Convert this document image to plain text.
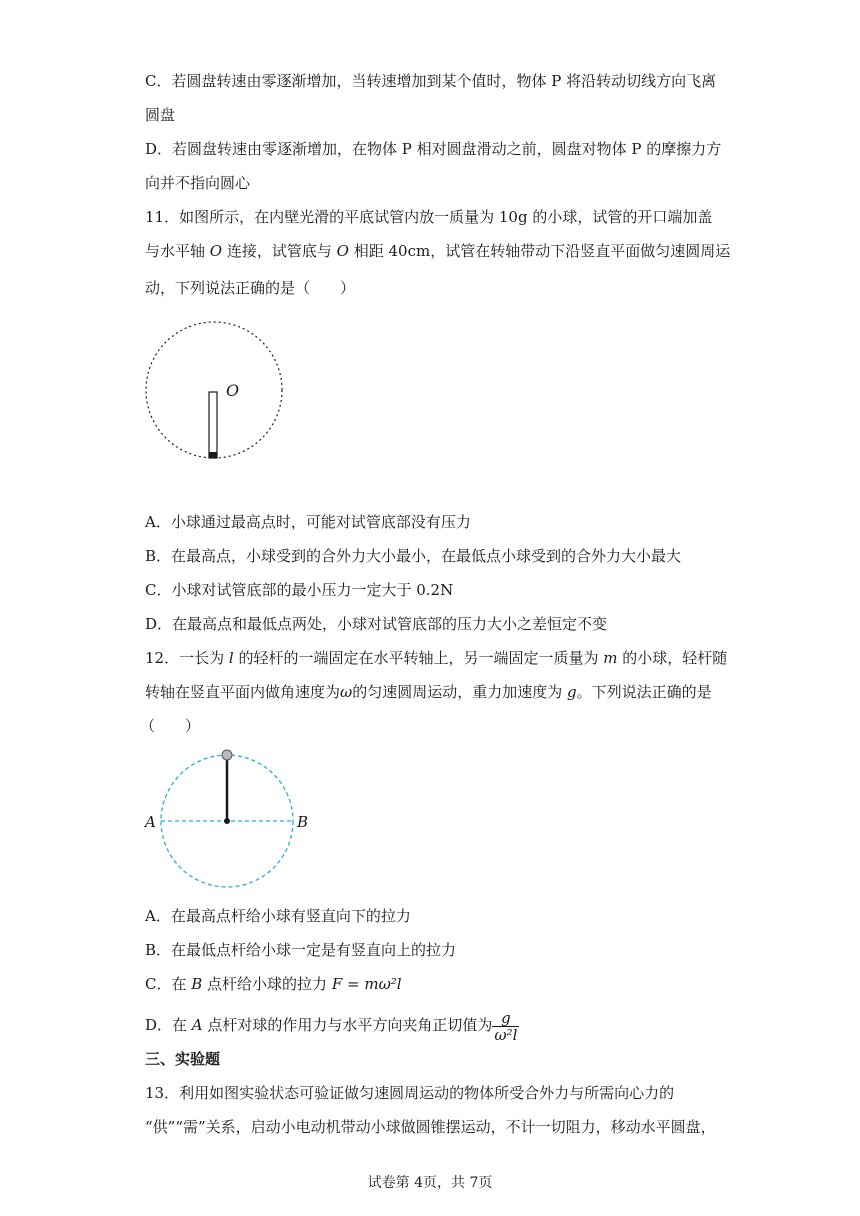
C．若圆盘转速由零逐渐增加，当转速增加到某个值时，物体 P 将沿转动切线方向飞离
圆盘
D．若圆盘转速由零逐渐增加，在物体 P 相对圆盘滑动之前，圆盘对物体 P 的摩擦力方
向并不指向圆心
11．如图所示，在内壁光滑的平底试管内放一质量为 10g 的小球，试管的开口端加盖
与水平轴 O 连接，试管底与 O 相距 40cm，试管在转轴带动下沿竖直平面做匀速圆周运
动，下列说法正确的是（　　）
O
A．小球通过最高点时，可能对试管底部没有压力
B．在最高点，小球受到的合外力大小最小，在最低点小球受到的合外力大小最大
C．小球对试管底部的最小压力一定大于 0.2N
D．在最高点和最低点两处，小球对试管底部的压力大小之差恒定不变
12．一长为 l 的轻杆的一端固定在水平转轴上，另一端固定一质量为 m 的小球，轻杆随
转轴在竖直平面内做角速度为ω的匀速圆周运动，重力加速度为 g。下列说法正确的是
（　　）
A	B
A．在最高点杆给小球有竖直向下的拉力
B．在最低点杆给小球一定是有竖直向上的拉力
C．在 B 点杆给小球的拉力 F = mω²l
D．在 A 点杆对球的作用力与水平方向夹角正切值为 $\frac{g}{\text{ω²l}}$
三、实验题
13．利用如图实验状态可验证做匀速圆周运动的物体所受合外力与所需向心力的
“供”“需”关系，启动小电动机带动小球做圆锥摆运动，不计一切阻力，移动水平圆盘，
试卷第 4页，共 7页
